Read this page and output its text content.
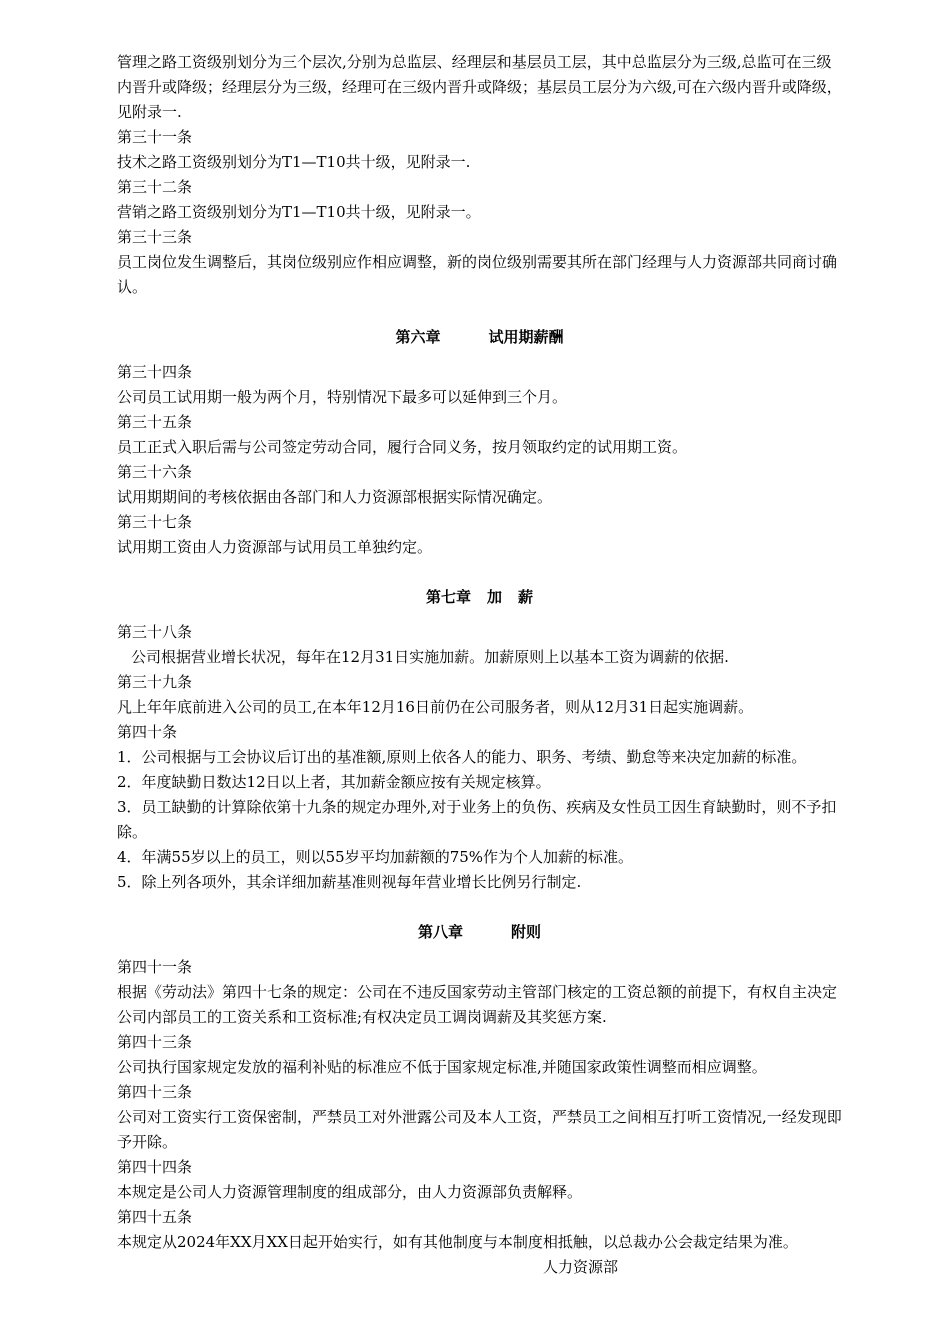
管理之路工资级别划分为三个层次,分别为总监层、经理层和基层员工层，其中总监层分为三级,总监可在三级内晋升或降级；经理层分为三级，经理可在三级内晋升或降级；基层员工层分为六级,可在六级内晋升或降级，见附录一.

第三十一条

技术之路工资级别划分为T1—T10共十级，见附录一.

第三十二条

营销之路工资级别划分为T1—T10共十级，见附录一。

第三十三条

员工岗位发生调整后，其岗位级别应作相应调整，新的岗位级别需要其所在部门经理与人力资源部共同商讨确认。

第六章	试用期薪酬

第三十四条

公司员工试用期一般为两个月，特别情况下最多可以延伸到三个月。

第三十五条

员工正式入职后需与公司签定劳动合同，履行合同义务，按月领取约定的试用期工资。

第三十六条

试用期期间的考核依据由各部门和人力资源部根据实际情况确定。

第三十七条

试用期工资由人力资源部与试用员工单独约定。

第七章 加 薪

第三十八条

公司根据营业增长状况，每年在12月31日实施加薪。加薪原则上以基本工资为调薪的依据.

第三十九条

凡上年年底前进入公司的员工,在本年12月16日前仍在公司服务者，则从12月31日起实施调薪。

第四十条

1．公司根据与工会协议后订出的基准额,原则上依各人的能力、职务、考绩、勤怠等来决定加薪的标准。

2．年度缺勤日数达12日以上者，其加薪金额应按有关规定核算。

3．员工缺勤的计算除依第十九条的规定办理外,对于业务上的负伤、疾病及女性员工因生育缺勤时，则不予扣除。

4．年满55岁以上的员工，则以55岁平均加薪额的75%作为个人加薪的标准。

5．除上列各项外，其余详细加薪基准则视每年营业增长比例另行制定.

第八章	附则

第四十一条

根据《劳动法》第四十七条的规定：公司在不违反国家劳动主管部门核定的工资总额的前提下，有权自主决定公司内部员工的工资关系和工资标准;有权决定员工调岗调薪及其奖惩方案.

第四十三条

公司执行国家规定发放的福利补贴的标准应不低于国家规定标准,并随国家政策性调整而相应调整。

第四十三条

公司对工资实行工资保密制，严禁员工对外泄露公司及本人工资，严禁员工之间相互打听工资情况,一经发现即予开除。

第四十四条

本规定是公司人力资源管理制度的组成部分，由人力资源部负责解释。

第四十五条

本规定从2024年XX月XX日起开始实行，如有其他制度与本制度相抵触，以总裁办公会裁定结果为准。

人力资源部
